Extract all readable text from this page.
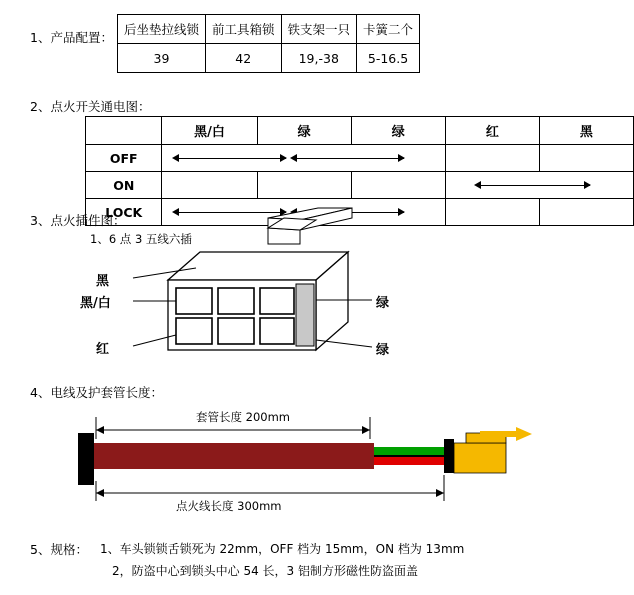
1、产品配置：
后坐垫拉线锁	前工具箱锁	铁支架一只	卡簧二个
39	42	19,-38	5-16.5
2、点火开关通电图：
	黑/白	绿	绿	红	黑
OFF			

ON					

LOCK			

3、点火插件图：
1、6 点 3 五线六插
黑
黑/白
红
绿
绿
4、电线及护套管长度：
套管长度 200mm
点火线长度 300mm
5、规格： 1、车头锁锁舌锁死为 22mm，OFF 档为 15mm，ON 档为 13mm
2，防盗中心到锁头中心 54 长，3 铝制方形磁性防盗面盖
